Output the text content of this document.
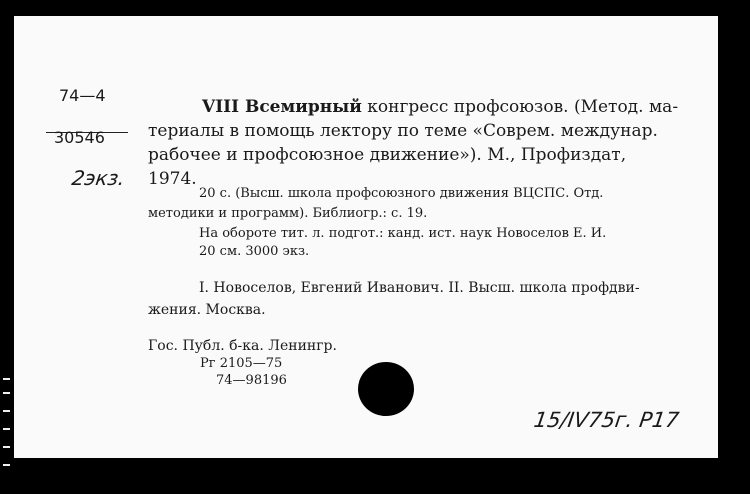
74—4
30546
2экз.
VIII Всемирный конгресс профсоюзов. (Метод. ма-
териалы в помощь лектору по теме «Соврем. междунар.
рабочее и профсоюзное движение»). М., Профиздат,
1974.
20 с. (Высш. школа профсоюзного движения ВЦСПС. Отд.
методики и программ). Библиогр.: с. 19.
На обороте тит. л. подгот.: канд. ист. наук Новоселов Е. И.
20 см. 3000 экз.
I. Новоселов, Евгений Иванович. II. Высш. школа профдви-
жения. Москва.
Гос. Публ. б-ка. Ленингр.
Рг 2105—75
74—98196
15/IV75г. Р17
